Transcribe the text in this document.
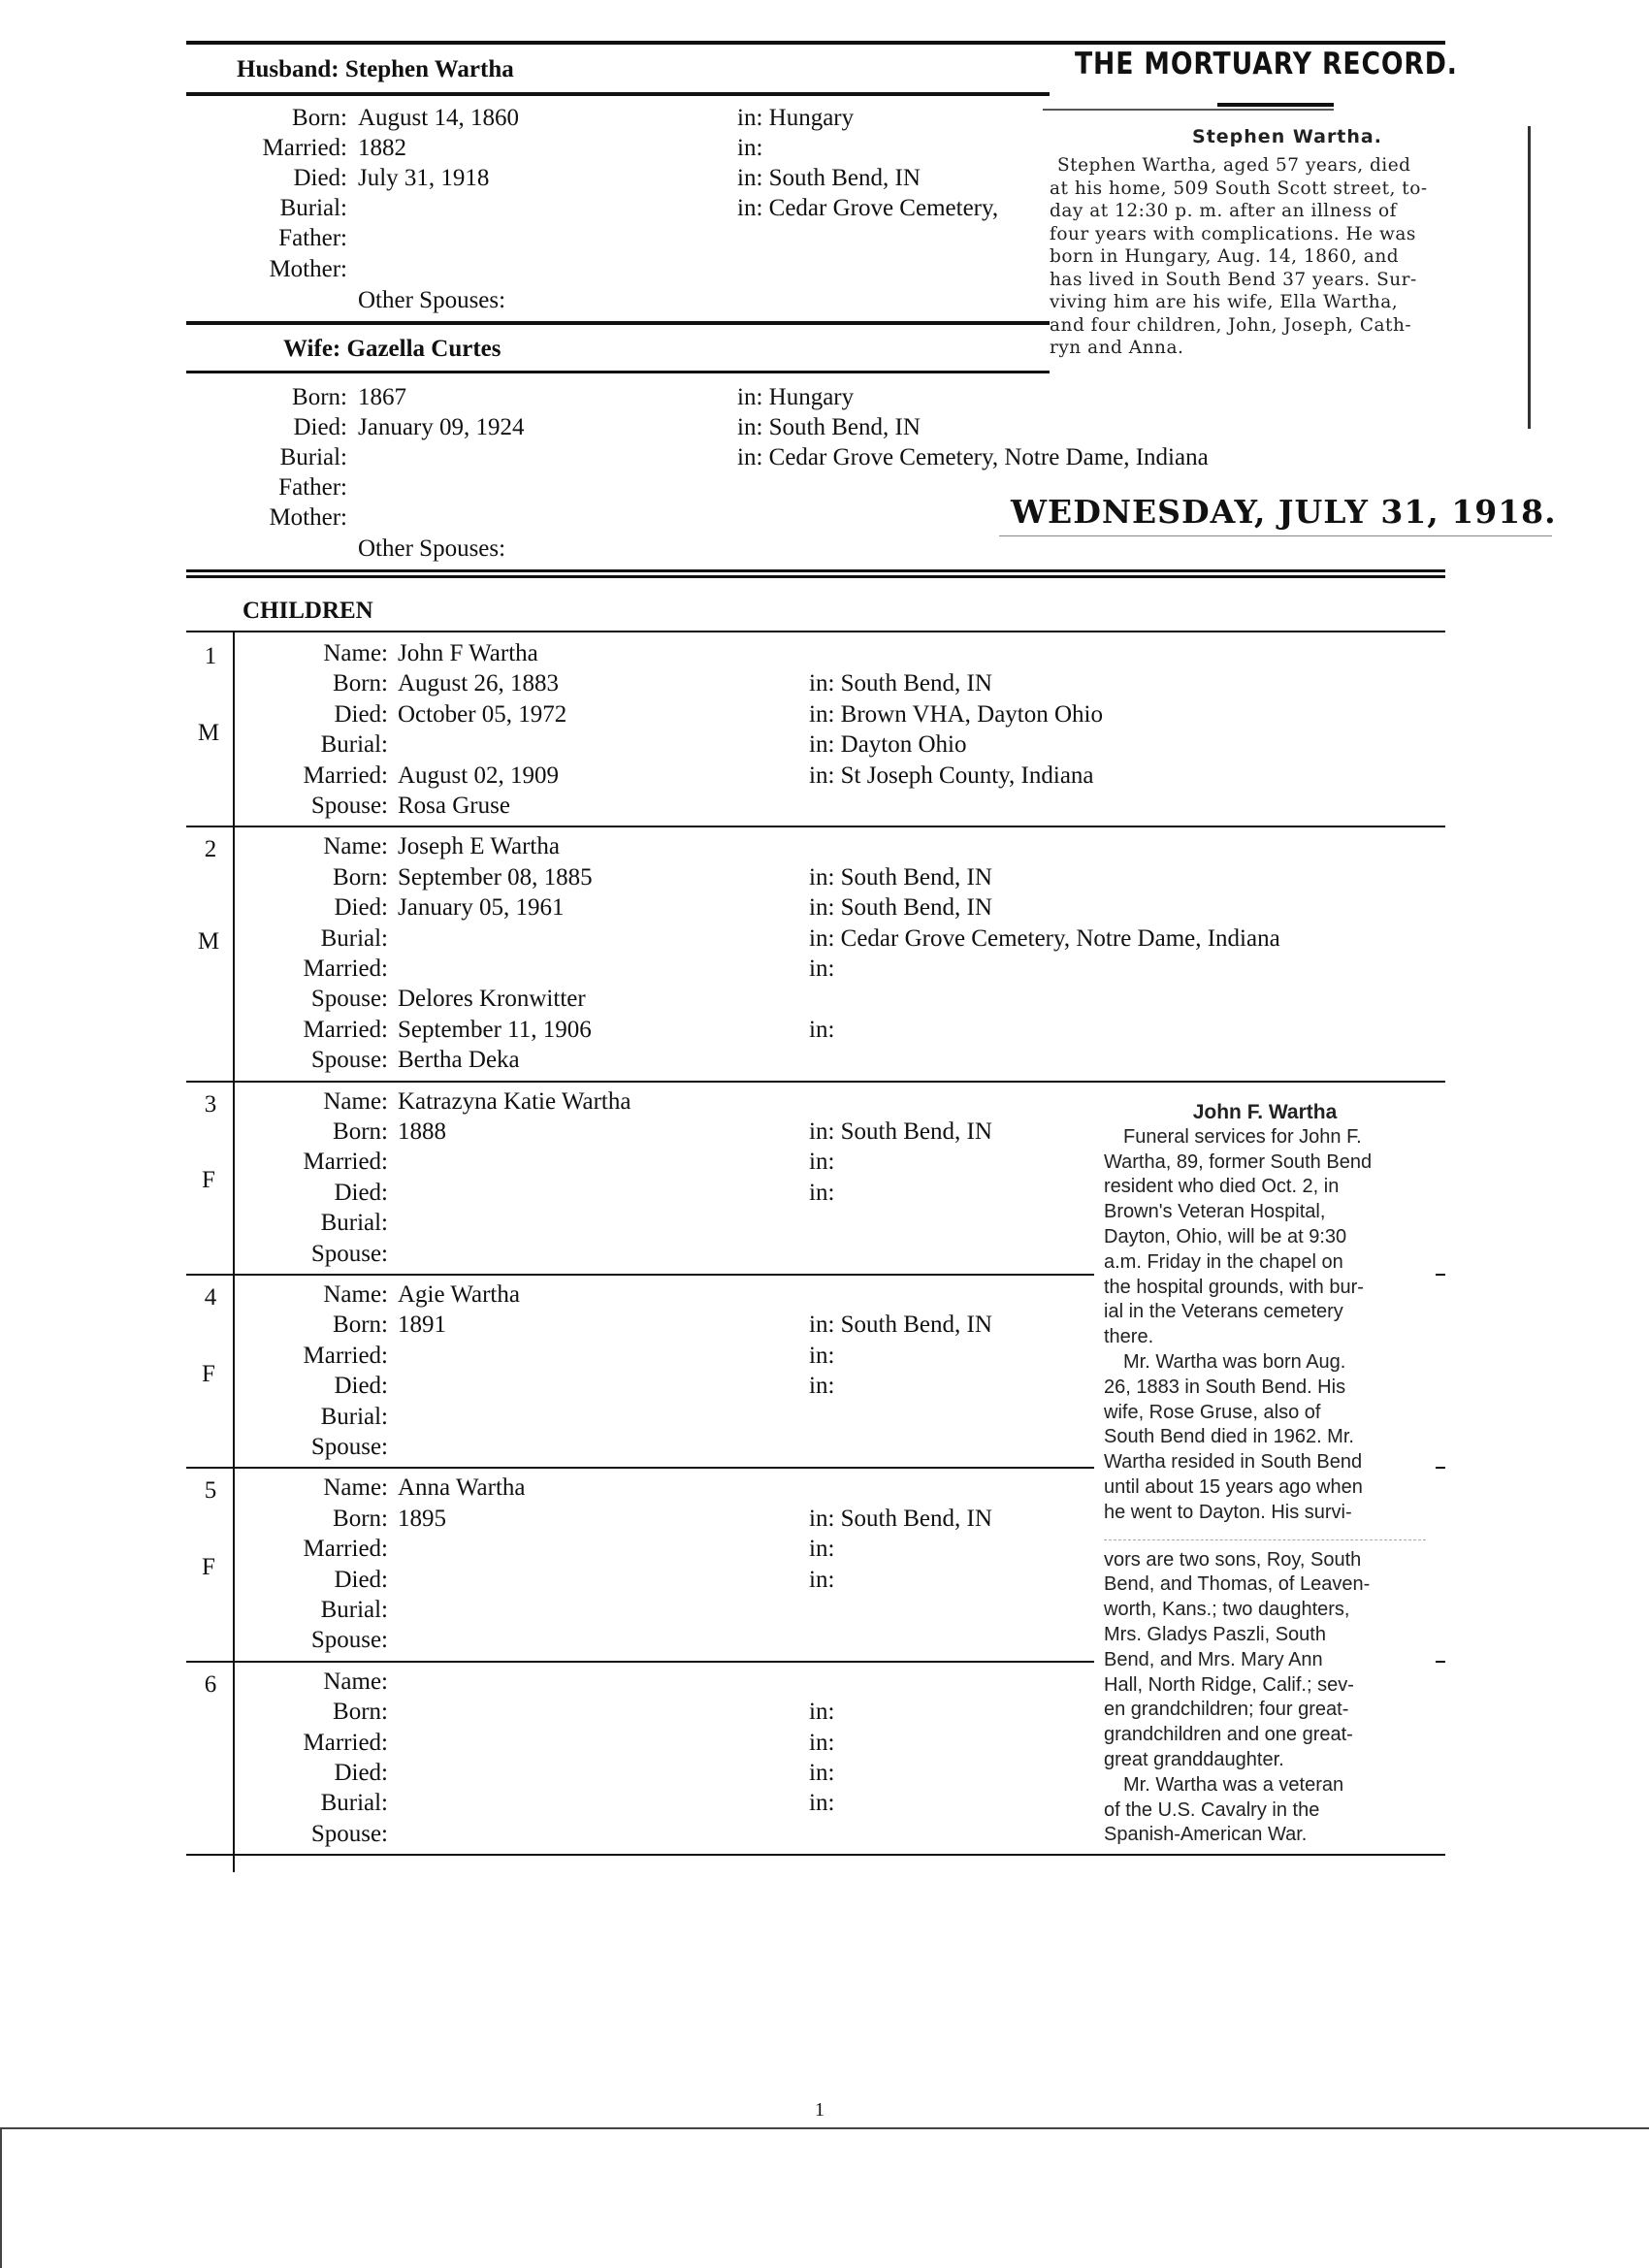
Husband: Stephen Wartha
Born: August 14, 1860	in: Hungary
Married: 1882	in:
Died: July 31, 1918	in: South Bend, IN
Burial:	in: Cedar Grove Cemetery,
Father:
Mother:
Other Spouses:
Wife: Gazella Curtes
Born: 1867	in: Hungary
Died: January 09, 1924	in: South Bend, IN
Burial:	in: Cedar Grove Cemetery, Notre Dame, Indiana
Father:
Mother:
Other Spouses:
THE MORTUARY RECORD.
Stephen Wartha.
Stephen Wartha, aged 57 years, died
at his home, 509 South Scott street, to-
day at 12:30 p. m. after an illness of
four years with complications. He was
born in Hungary, Aug. 14, 1860, and
has lived in South Bend 37 years. Sur-
viving him are his wife, Ella Wartha,
and four children, John, Joseph, Cath-
ryn and Anna.
WEDNESDAY, JULY 31, 1918.
CHILDREN
1
M
Name: John F Wartha
Born: August 26, 1883	in: South Bend, IN
Died: October 05, 1972	in: Brown VHA, Dayton Ohio
Burial:	in: Dayton Ohio
Married: August 02, 1909	in: St Joseph County, Indiana
Spouse: Rosa Gruse
2
M
Name: Joseph E Wartha
Born: September 08, 1885	in: South Bend, IN
Died: January 05, 1961	in: South Bend, IN
Burial:	in: Cedar Grove Cemetery, Notre Dame, Indiana
Married:	in:
Spouse: Delores Kronwitter
Married: September 11, 1906	in:
Spouse: Bertha Deka
3
F
Name: Katrazyna Katie Wartha
Born: 1888	in: South Bend, IN
Married:	in:
Died:	in:
Burial:
Spouse:
4
F
Name: Agie Wartha
Born: 1891	in: South Bend, IN
Married:	in:
Died:	in:
Burial:
Spouse:
5
F
Name: Anna Wartha
Born: 1895	in: South Bend, IN
Married:	in:
Died:	in:
Burial:
Spouse:
6	Name:
Born:	in:
Married:	in:
Died:	in:
Burial:	in:
Spouse:
John F. Wartha
Funeral services for John F.
Wartha, 89, former South Bend
resident who died Oct. 2, in
Brown's Veteran Hospital,
Dayton, Ohio, will be at 9:30
a.m. Friday in the chapel on
the hospital grounds, with bur-
ial in the Veterans cemetery
there.
Mr. Wartha was born Aug.
26, 1883 in South Bend. His
wife, Rose Gruse, also of
South Bend died in 1962. Mr.
Wartha resided in South Bend
until about 15 years ago when
he went to Dayton. His survi-
vors are two sons, Roy, South
Bend, and Thomas, of Leaven-
worth, Kans.; two daughters,
Mrs. Gladys Paszli, South
Bend, and Mrs. Mary Ann
Hall, North Ridge, Calif.; sev-
en grandchildren; four great-
grandchildren and one great-
great granddaughter.
Mr. Wartha was a veteran
of the U.S. Cavalry in the
Spanish-American War.
1
